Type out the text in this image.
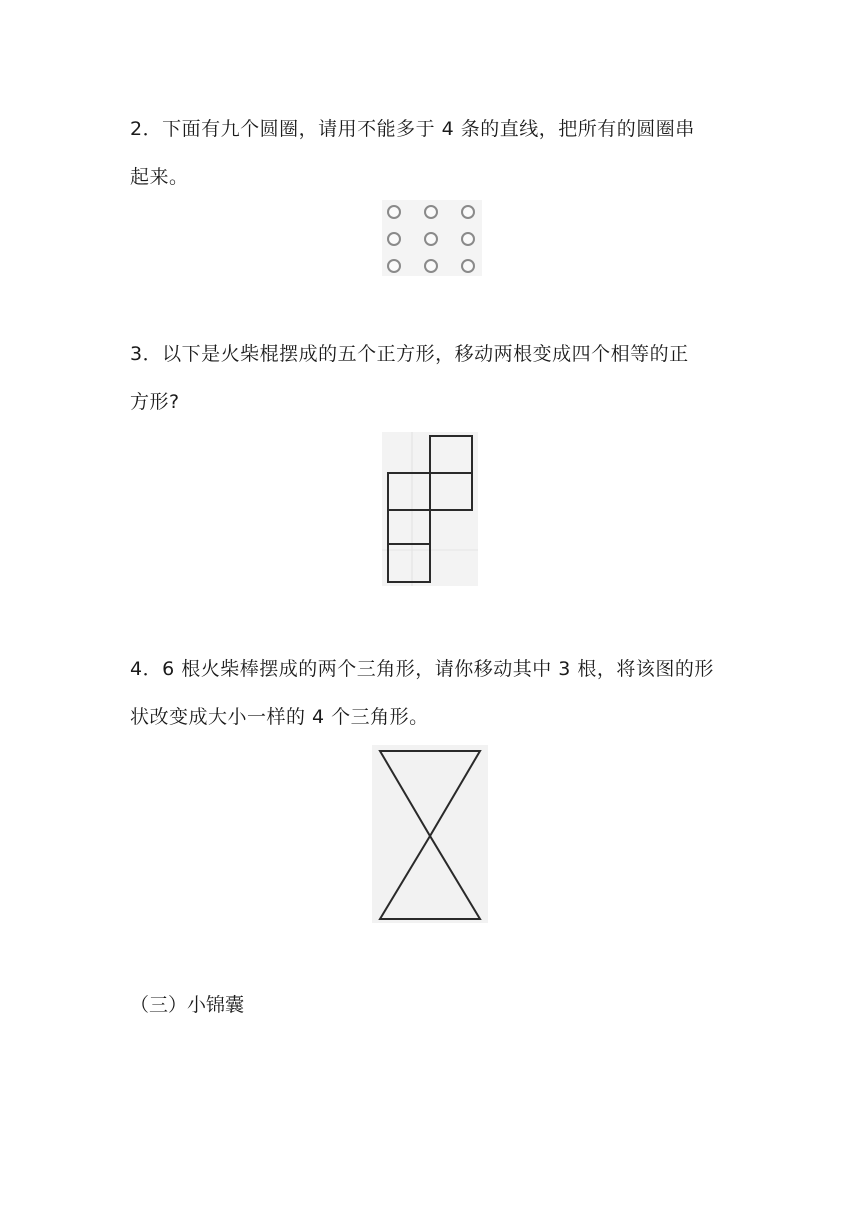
2．下面有九个圆圈，请用不能多于 4 条的直线，把所有的圆圈串
起来。

3．以下是火柴棍摆成的五个正方形，移动两根变成四个相等的正
方形?

4．6 根火柴棒摆成的两个三角形，请你移动其中 3 根，将该图的形
状改变成大小一样的 4 个三角形。

（三）小锦囊
